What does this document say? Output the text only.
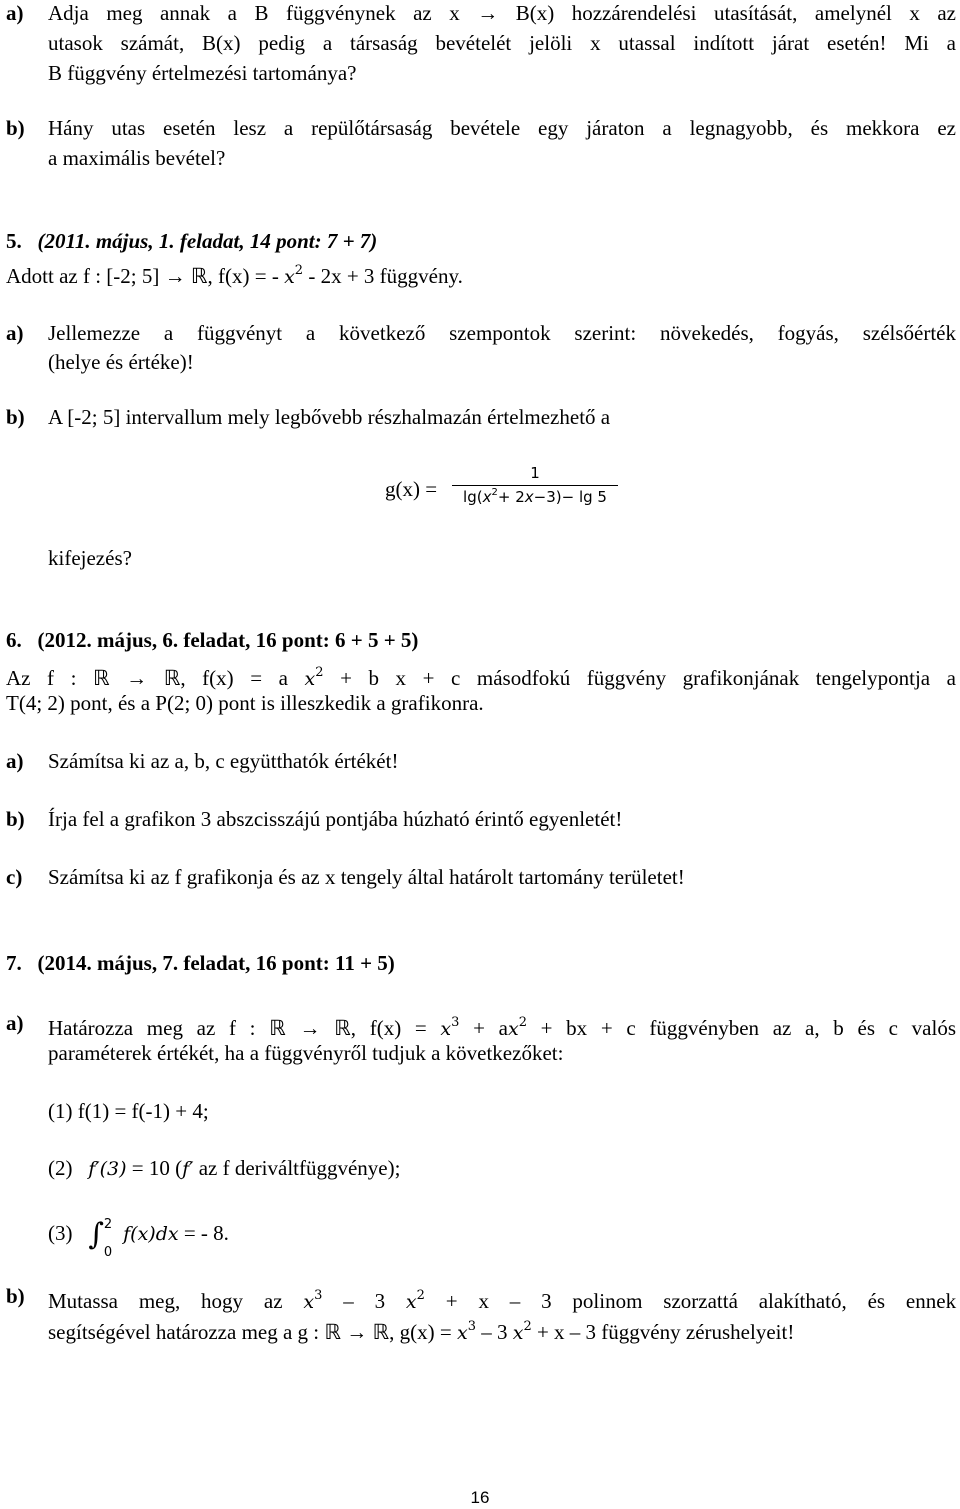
a) Adja meg annak a B függvénynek az x → B(x) hozzárendelési utasítását, amelynél x az
utasok számát, B(x) pedig a társaság bevételét jelöli x utassal indított járat esetén! Mi a
B függvény értelmezési tartománya?
b) Hány utas esetén lesz a repülőtársaság bevétele egy járaton a legnagyobb, és mekkora ez
a maximális bevétel?
5. (2011. május, 1. feladat, 14 pont: 7 + 7)
Adott az f : [-2; 5] → ℝ, f(x) = - $x^2 - 2x + 3$ függvény.
a) Jellemezze a függvényt a következő szempontok szerint: növekedés, fogyás, szélsőérték
(helye és értéke)!
b) A [-2; 5] intervallum mely legbővebb részhalmazán értelmezhető a
g(x) =
1
$\lg(x^2+ 2x-3)- \lg 5$
kifejezés?
6. (2012. május, 6. feladat, 16 pont: 6 + 5 + 5)
Az f : ℝ → ℝ, f(x) = a $x^2 + b$ x + c másodfokú függvény grafikonjának tengelypontja a
T(4; 2) pont, és a P(2; 0) pont is illeszkedik a grafikonra.
a) Számítsa ki az a, b, c együtthatók értékét!
b) Írja fel a grafikon 3 abszcisszájú pontjába húzható érintő egyenletét!
c) Számítsa ki az f grafikonja és az x tengely által határolt tartomány területet!
7. (2014. május, 7. feladat, 16 pont: 11 + 5)
a) Határozza meg az f : ℝ → ℝ, $f(x) = x^3 + ax^2$ + bx + c függvényben az a, b és c valós
paraméterek értékét, ha a függvényről tudjuk a következőket:
(1) f(1) = f(-1) + 4;
(2) f′(3) = 10 (f′ az f deriváltfüggvénye);
(3) ∫ 2
0
f(x)dx = - 8.
b) Mutassa meg, hogy az $x^3 - 3$ $x^2 + x - 3$ polinom szorzattá alakítható, és ennek
segítségével határozza meg a g : ℝ → ℝ, $g(x) = x^3 - 3$ $x^2 + x - 3$ függvény zérushelyeit!
16
